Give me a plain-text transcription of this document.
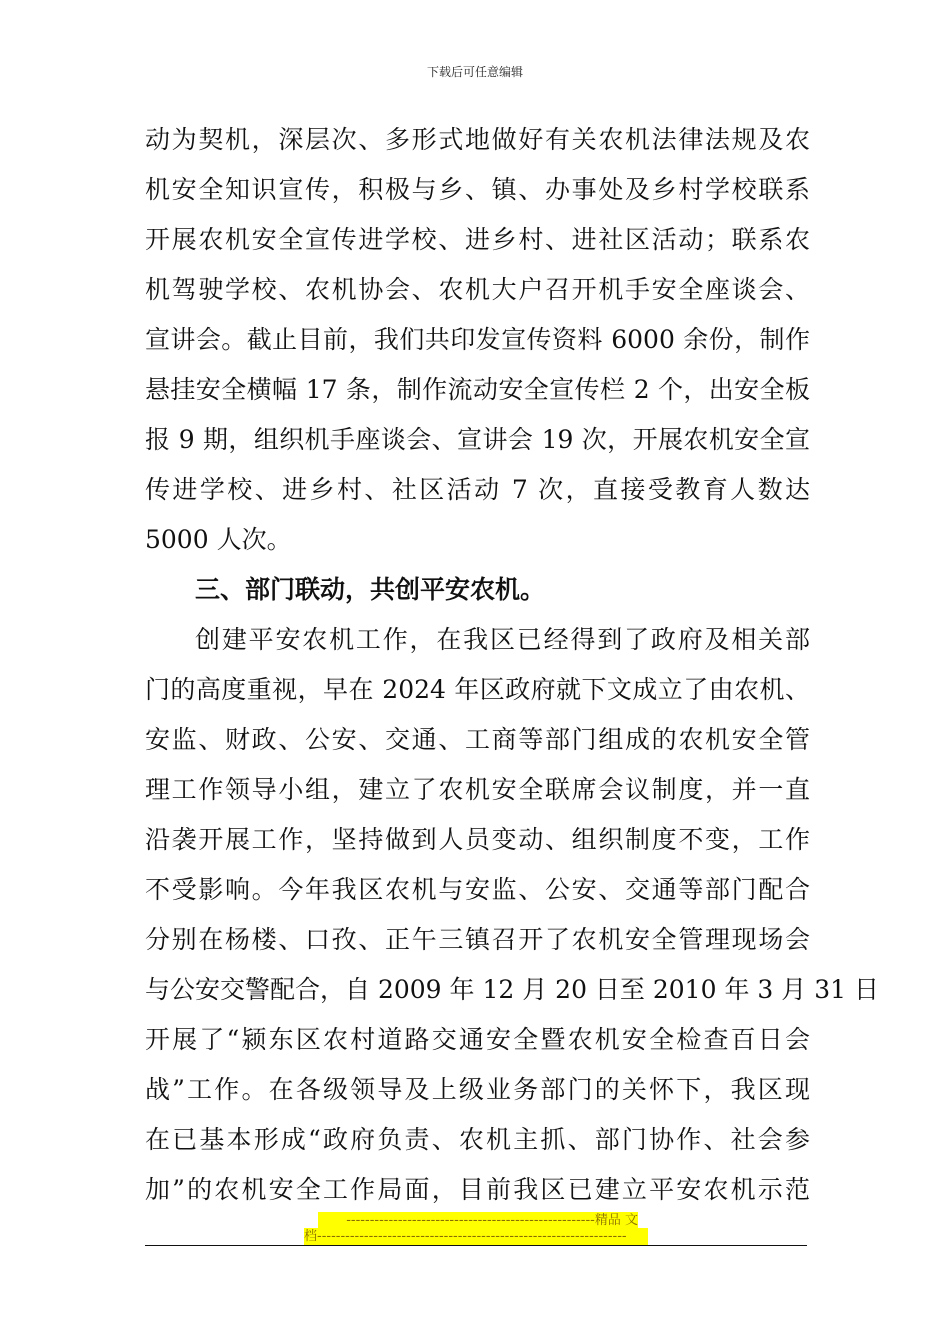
下载后可任意编辑
动为契机，深层次、多形式地做好有关农机法律法规及农
机安全知识宣传，积极与乡、镇、办事处及乡村学校联系
开展农机安全宣传进学校、进乡村、进社区活动；联系农
机驾驶学校、农机协会、农机大户召开机手安全座谈会、
宣讲会。截止目前，我们共印发宣传资料 6000 余份，制作
悬挂安全横幅 17 条，制作流动安全宣传栏 2 个，出安全板
报 9 期，组织机手座谈会、宣讲会 19 次，开展农机安全宣
传进学校、进乡村、社区活动 7 次，直接受教育人数达
5000 人次。
三、部门联动，共创平安农机。
创建平安农机工作，在我区已经得到了政府及相关部
门的高度重视，早在 2024 年区政府就下文成立了由农机、
安监、财政、公安、交通、工商等部门组成的农机安全管
理工作领导小组，建立了农机安全联席会议制度，并一直
沿袭开展工作，坚持做到人员变动、组织制度不变，工作
不受影响。今年我区农机与安监、公安、交通等部门配合
分别在杨楼、口孜、正午三镇召开了农机安全管理现场会
与公安交警配合，自 2009 年 12 月 20 日至 2010 年 3 月 31 日
开展了“颍东区农村道路交通安全暨农机安全检查百日会
战”工作。在各级领导及上级业务部门的关怀下，我区现
在已基本形成“政府负责、农机主抓、部门协作、社会参
加”的农机安全工作局面，目前我区已建立平安农机示范
-----------------------------------------------------精品 文
档------------------------------------------------------------------
